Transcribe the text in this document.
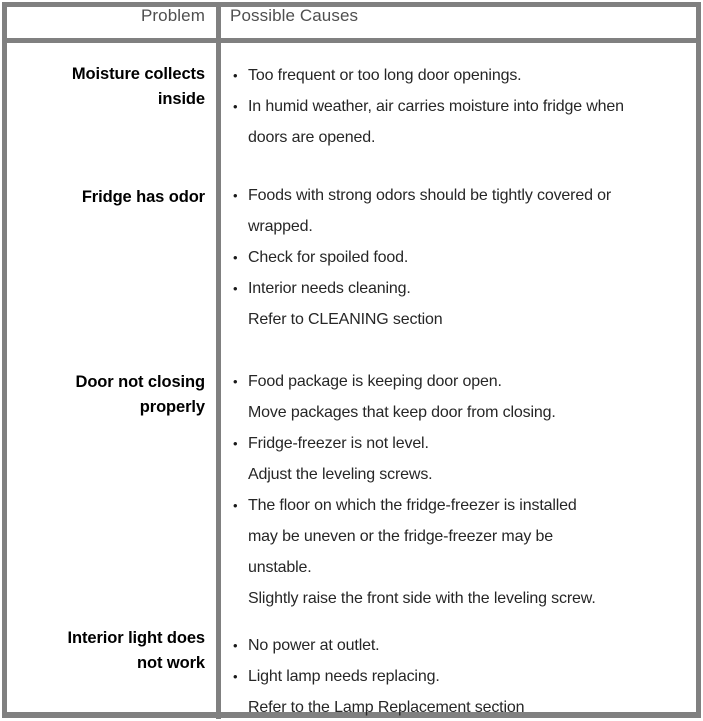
Problem Possible Causes
Moisture collects
inside
• Too frequent or too long door openings.
• In humid weather, air carries moisture into fridge when
doors are opened.
Fridge has odor • Foods with strong odors should be tightly covered or
wrapped.
• Check for spoiled food.
• Interior needs cleaning.
Refer to CLEANING section
Door not closing
properly
• Food package is keeping door open.
Move packages that keep door from closing.
• Fridge-freezer is not level.
Adjust the leveling screws.
• The floor on which the fridge-freezer is installed
may be uneven or the fridge-freezer may be
unstable.
Slightly raise the front side with the leveling screw.
Interior light does
not work
• No power at outlet.
• Light lamp needs replacing.
Refer to the Lamp Replacement section
